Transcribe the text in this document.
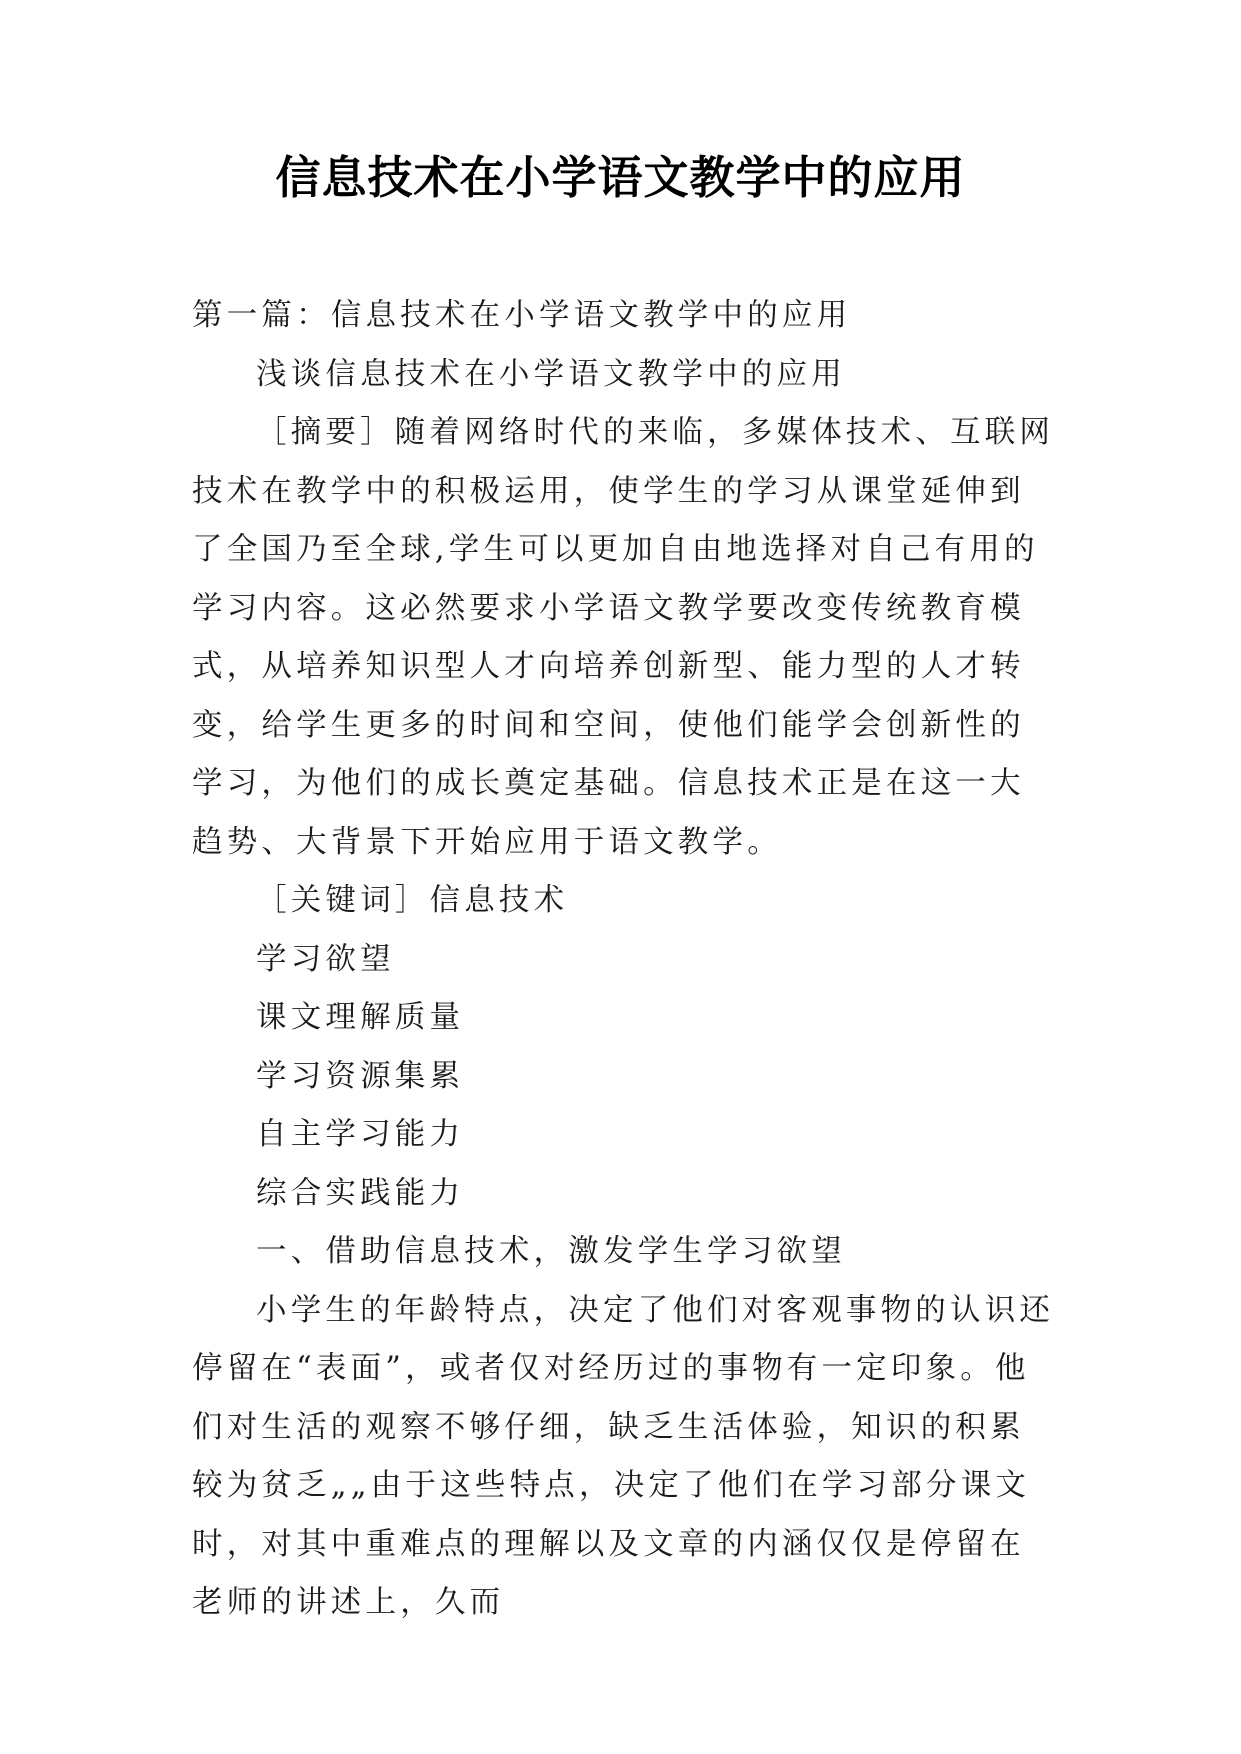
信息技术在小学语文教学中的应用

第一篇：信息技术在小学语文教学中的应用

浅谈信息技术在小学语文教学中的应用

［摘要］随着网络时代的来临，多媒体技术、互联网技术在教学中的积极运用，使学生的学习从课堂延伸到了全国乃至全球,学生可以更加自由地选择对自己有用的学习内容。这必然要求小学语文教学要改变传统教育模式，从培养知识型人才向培养创新型、能力型的人才转变，给学生更多的时间和空间，使他们能学会创新性的学习，为他们的成长奠定基础。信息技术正是在这一大趋势、大背景下开始应用于语文教学。

［关键词］信息技术

学习欲望

课文理解质量

学习资源集累

自主学习能力

综合实践能力

一、借助信息技术，激发学生学习欲望

小学生的年龄特点，决定了他们对客观事物的认识还停留在“表面”，或者仅对经历过的事物有一定印象。他们对生活的观察不够仔细，缺乏生活体验，知识的积累较为贫乏„„由于这些特点，决定了他们在学习部分课文时，对其中重难点的理解以及文章的内涵仅仅是停留在老师的讲述上，久而
